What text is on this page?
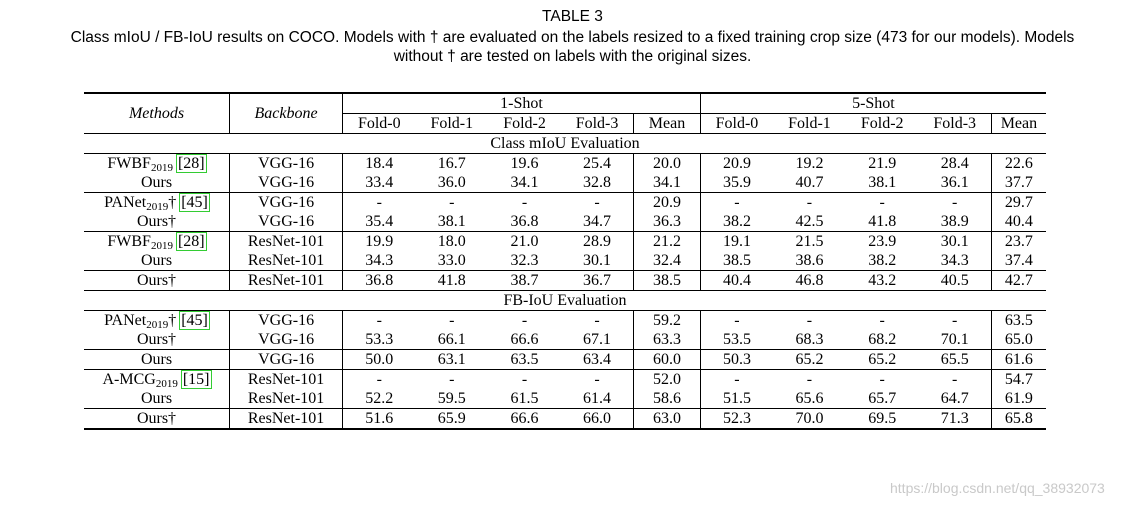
TABLE 3
Class mIoU / FB-IoU results on COCO. Models with † are evaluated on the labels resized to a fixed training crop size (473 for our models). Models
without † are tested on labels with the original sizes.
Methods	Backbone	1-Shot					5-Shot				
		Fold-0	Fold-1	Fold-2	Fold-3	Mean	Fold-0	Fold-1	Fold-2	Fold-3	Mean
Class mIoU Evaluation											
$FWBF_{2019}$ [28]	VGG-16	18.4	16.7	19.6	25.4	20.0	20.9	19.2	21.9	28.4	22.6
Ours	VGG-16	33.4	36.0	34.1	32.8	34.1	35.9	40.7	38.1	36.1	37.7
PANet$_{2019}$† [45]	VGG-16	-	-	-	-	20.9	-	-	-	-	29.7
Ours†	VGG-16	35.4	38.1	36.8	34.7	36.3	38.2	42.5	41.8	38.9	40.4
$FWBF_{2019}$ [28]	ResNet-101	19.9	18.0	21.0	28.9	21.2	19.1	21.5	23.9	30.1	23.7
Ours	ResNet-101	34.3	33.0	32.3	30.1	32.4	38.5	38.6	38.2	34.3	37.4
Ours†	ResNet-101	36.8	41.8	38.7	36.7	38.5	40.4	46.8	43.2	40.5	42.7
FB-IoU Evaluation											
PANet$_{2019}$† [45]	VGG-16	-	-	-	-	59.2	-	-	-	-	63.5
Ours†	VGG-16	53.3	66.1	66.6	67.1	63.3	53.5	68.3	68.2	70.1	65.0
Ours	VGG-16	50.0	63.1	63.5	63.4	60.0	50.3	65.2	65.2	65.5	61.6
$A-MCG_{2019}$ [15]	ResNet-101	-	-	-	-	52.0	-	-	-	-	54.7
Ours	ResNet-101	52.2	59.5	61.5	61.4	58.6	51.5	65.6	65.7	64.7	61.9
Ours†	ResNet-101	51.6	65.9	66.6	66.0	63.0	52.3	70.0	69.5	71.3	65.8
https://blog.csdn.net/qq_38932073
